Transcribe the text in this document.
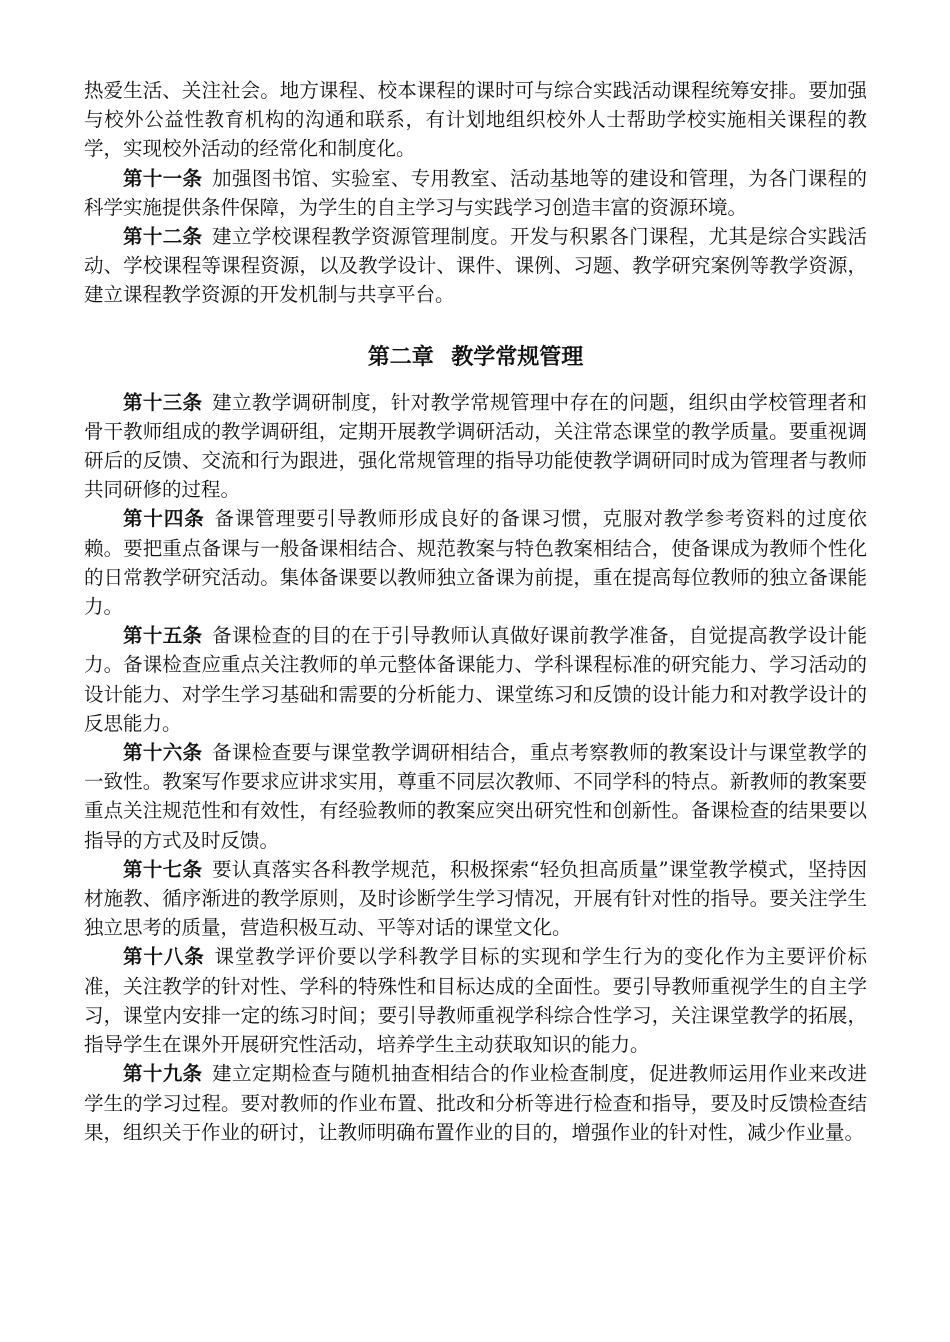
热爱生活、关注社会。地方课程、校本课程的课时可与综合实践活动课程统筹安排。要加强与校外公益性教育机构的沟通和联系，有计划地组织校外人士帮助学校实施相关课程的教学，实现校外活动的经常化和制度化。

第十一条 加强图书馆、实验室、专用教室、活动基地等的建设和管理，为各门课程的科学实施提供条件保障，为学生的自主学习与实践学习创造丰富的资源环境。

第十二条 建立学校课程教学资源管理制度。开发与积累各门课程，尤其是综合实践活动、学校课程等课程资源，以及教学设计、课件、课例、习题、教学研究案例等教学资源，建立课程教学资源的开发机制与共享平台。

第二章 教学常规管理

第十三条 建立教学调研制度，针对教学常规管理中存在的问题，组织由学校管理者和骨干教师组成的教学调研组，定期开展教学调研活动，关注常态课堂的教学质量。要重视调研后的反馈、交流和行为跟进，强化常规管理的指导功能使教学调研同时成为管理者与教师共同研修的过程。

第十四条 备课管理要引导教师形成良好的备课习惯，克服对教学参考资料的过度依赖。要把重点备课与一般备课相结合、规范教案与特色教案相结合，使备课成为教师个性化的日常教学研究活动。集体备课要以教师独立备课为前提，重在提高每位教师的独立备课能力。

第十五条 备课检查的目的在于引导教师认真做好课前教学准备，自觉提高教学设计能力。备课检查应重点关注教师的单元整体备课能力、学科课程标准的研究能力、学习活动的设计能力、对学生学习基础和需要的分析能力、课堂练习和反馈的设计能力和对教学设计的反思能力。

第十六条 备课检查要与课堂教学调研相结合，重点考察教师的教案设计与课堂教学的一致性。教案写作要求应讲求实用，尊重不同层次教师、不同学科的特点。新教师的教案要重点关注规范性和有效性，有经验教师的教案应突出研究性和创新性。备课检查的结果要以指导的方式及时反馈。

第十七条 要认真落实各科教学规范，积极探索“轻负担高质量”课堂教学模式，坚持因材施教、循序渐进的教学原则，及时诊断学生学习情况，开展有针对性的指导。要关注学生独立思考的质量，营造积极互动、平等对话的课堂文化。

第十八条 课堂教学评价要以学科教学目标的实现和学生行为的变化作为主要评价标准，关注教学的针对性、学科的特殊性和目标达成的全面性。要引导教师重视学生的自主学习，课堂内安排一定的练习时间；要引导教师重视学科综合性学习，关注课堂教学的拓展，指导学生在课外开展研究性活动，培养学生主动获取知识的能力。

第十九条 建立定期检查与随机抽查相结合的作业检查制度，促进教师运用作业来改进学生的学习过程。要对教师的作业布置、批改和分析等进行检查和指导，要及时反馈检查结果，组织关于作业的研讨，让教师明确布置作业的目的，增强作业的针对性，减少作业量。
